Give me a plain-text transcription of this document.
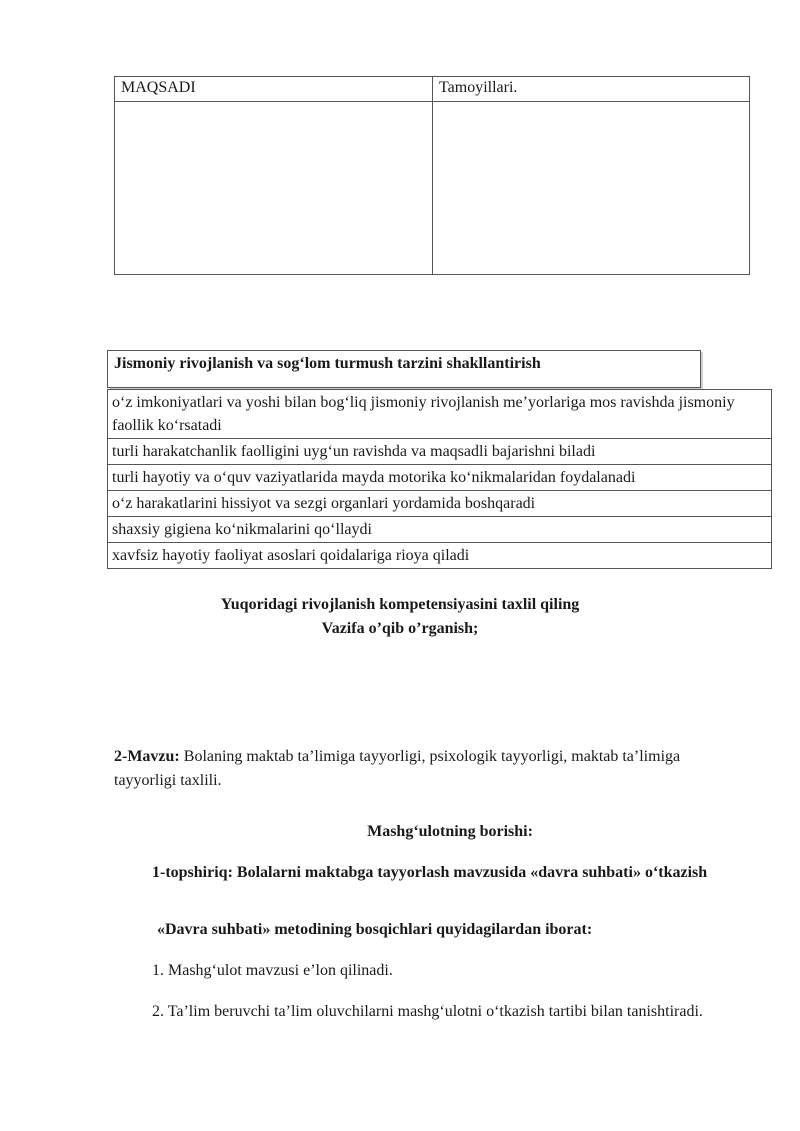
MAQSADI	Tamoyillari.

Jismoniy rivojlanish va sog‘lom turmush tarzini shakllantirish
o‘z imkoniyatlari va yoshi bilan bog‘liq jismoniy rivojlanish me’yorlariga mos ravishda jismoniy faollik ko‘rsatadi
turli harakatchanlik faolligini uyg‘un ravishda va maqsadli bajarishni biladi
turli hayotiy va o‘quv vaziyatlarida mayda motorika ko‘nikmalaridan foydalanadi
o‘z harakatlarini hissiyot va sezgi organlari yordamida boshqaradi
shaxsiy gigiena ko‘nikmalarini qo‘llaydi
xavfsiz hayotiy faoliyat asoslari qoidalariga rioya qiladi
Yuqoridagi rivojlanish kompetensiyasini taxlil qiling
Vazifa o’qib o’rganish;
2-Mavzu: Bolaning maktab ta’limiga tayyorligi, psixologik tayyorligi, maktab ta’limiga tayyorligi taxlili.
Mashg‘ulotning borishi:
1-topshiriq: Bolalarni maktabga tayyorlash mavzusida «davra suhbati» o‘tkazish
«Davra suhbati» metodining bosqichlari quyidagilardan iborat:
1. Mashg‘ulot mavzusi e’lon qilinadi.
2. Ta’lim beruvchi ta’lim oluvchilarni mashg‘ulotni o‘tkazish tartibi bilan tanishtiradi.
